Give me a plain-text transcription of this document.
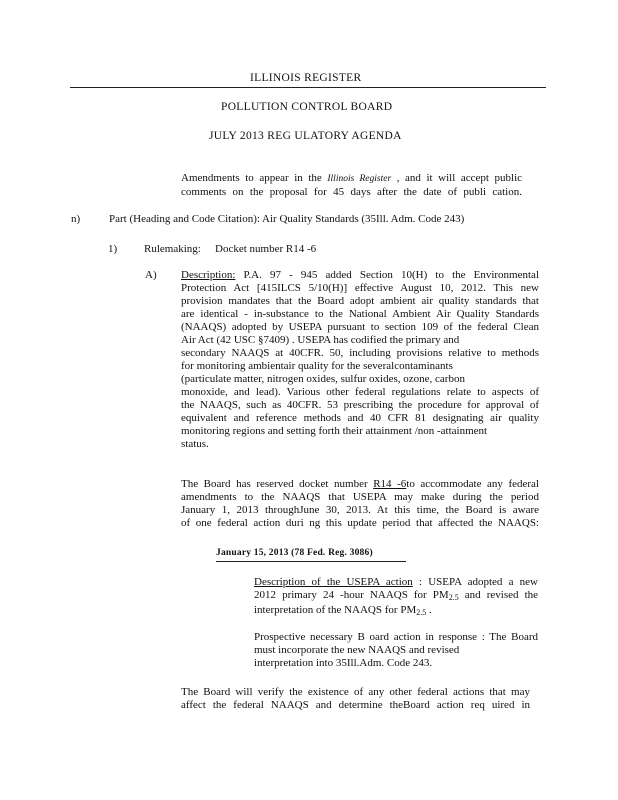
ILLINOIS REGISTER
POLLUTION CONTROL BOARD
JULY 2013 REG ULATORY AGENDA
Amendments to appear in the Illinois Register , and it will accept public
comments on the proposal for 45 days after the date of publi cation.
n)	Part (Heading and Code Citation): Air Quality Standards (35Ill. Adm. Code 243)
1) Rulemaking: Docket number R14 -6
A) Description: P.A. 97 - 945 added Section 10(H) to the Environmental
Protection Act [415ILCS 5/10(H)] effective August 10, 2012. This new
provision mandates that the Board adopt ambient air quality standards that
are identical - in-substance to the National Ambient Air Quality Standards
(NAAQS) adopted by USEPA pursuant to section 109 of the federal Clean
Air Act (42 USC §7409) . USEPA has codified the primary and
secondary NAAQS at 40CFR. 50, including provisions relative to methods
for monitoring ambientair quality for the severalcontaminants
(particulate matter, nitrogen oxides, sulfur oxides, ozone, carbon
monoxide, and lead). Various other federal regulations relate to aspects of
the NAAQS, such as 40CFR. 53 prescribing the procedure for approval of
equivalent and reference methods and 40 CFR 81 designating air quality
monitoring regions and setting forth their attainment /non -attainment
status.
The Board has reserved docket number R14 -6to accommodate any federal
amendments to the NAAQS that USEPA may make during the period
January 1, 2013 throughJune 30, 2013. At this time, the Board is aware
of one federal action duri ng this update period that affected the NAAQS:
January 15, 2013 (78 Fed. Reg. 3086)
Description of the USEPA action : USEPA adopted a new
2012 primary 24 -hour NAAQS for $PM_{2.5}$ and revised the
interpretation of the NAAQS for $PM_{2.5}$ .
Prospective necessary B oard action in response : The Board
must incorporate the new NAAQS and revised
interpretation into 35Ill.Adm. Code 243.
The Board will verify the existence of any other federal actions that may
affect the federal NAAQS and determine theBoard action req uired in
